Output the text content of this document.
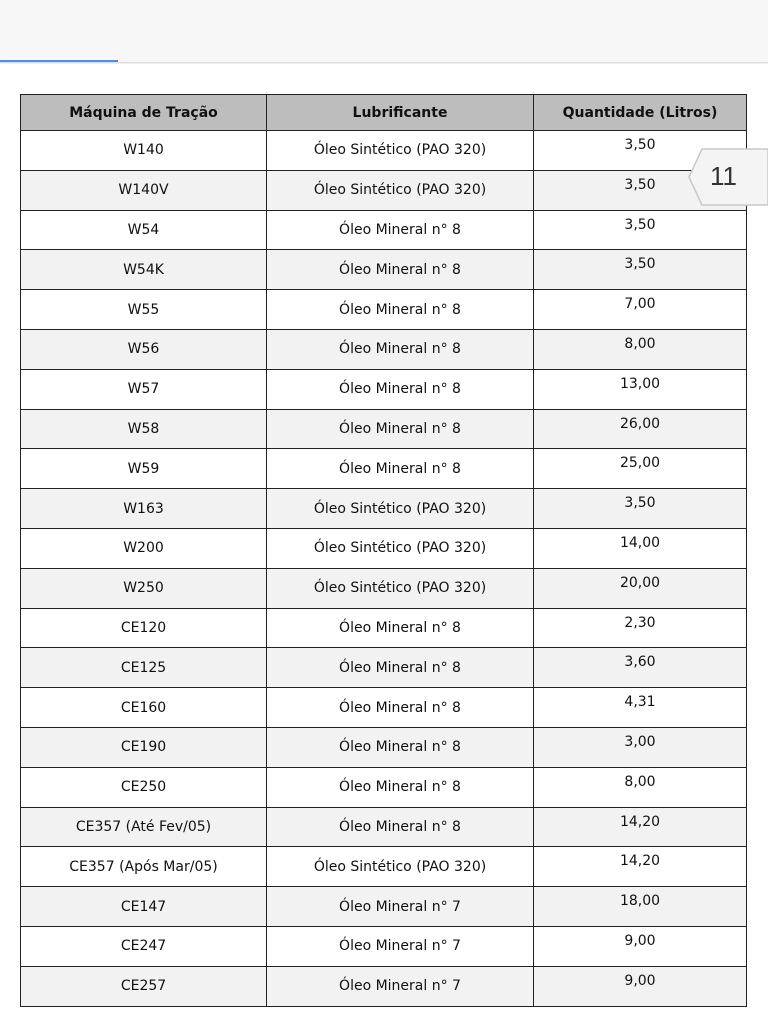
Máquina de Tração	Lubrificante	Quantidade (Litros)
W140	Óleo Sintético (PAO 320)	3,50
W140V	Óleo Sintético (PAO 320)	3,50
W54	Óleo Mineral n° 8	3,50
W54K	Óleo Mineral n° 8	3,50
W55	Óleo Mineral n° 8	7,00
W56	Óleo Mineral n° 8	8,00
W57	Óleo Mineral n° 8	13,00
W58	Óleo Mineral n° 8	26,00
W59	Óleo Mineral n° 8	25,00
W163	Óleo Sintético (PAO 320)	3,50
W200	Óleo Sintético (PAO 320)	14,00
W250	Óleo Sintético (PAO 320)	20,00
CE120	Óleo Mineral n° 8	2,30
CE125	Óleo Mineral n° 8	3,60
CE160	Óleo Mineral n° 8	4,31
CE190	Óleo Mineral n° 8	3,00
CE250	Óleo Mineral n° 8	8,00
CE357 (Até Fev/05)	Óleo Mineral n° 8	14,20
CE357 (Após Mar/05)	Óleo Sintético (PAO 320)	14,20
CE147	Óleo Mineral n° 7	18,00
CE247	Óleo Mineral n° 7	9,00
CE257	Óleo Mineral n° 7	9,00
11
